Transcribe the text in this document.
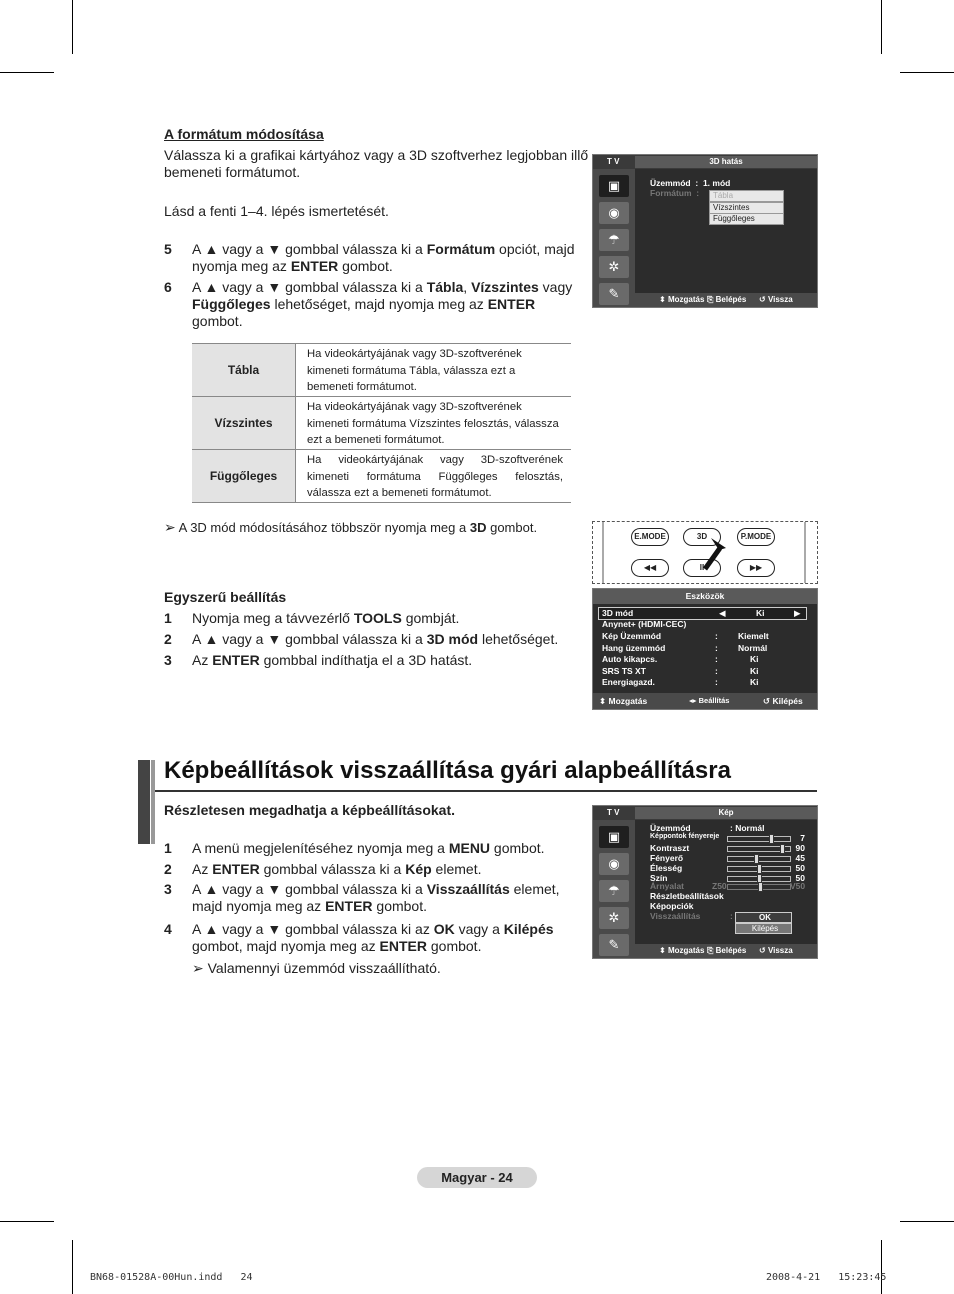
A formátum módosítása
Válassza ki a grafikai kártyához vagy a 3D szoftverhez legjobban illő bemeneti formátumot.
Lásd a fenti 1–4. lépés ismertetését.
5 A ▲ vagy a ▼ gombbal válassza ki a Formátum opciót, majd nyomja meg az ENTER gombot.
6 A ▲ vagy a ▼ gombbal válassza ki a Tábla, Vízszintes vagy Függőleges lehetőséget, majd nyomja meg az ENTER gombot.
Tábla
Ha videokártyájának vagy 3D-szoftverének kimeneti formátuma Tábla, válassza ezt a bemeneti formátumot.
Vízszintes
Ha videokártyájának vagy 3D-szoftverének kimeneti formátuma Vízszintes felosztás, válassza ezt a bemeneti formátumot.
Függőleges
Ha videokártyájának vagy 3D-szoftverének kimeneti formátuma Függőleges felosztás, válassza ezt a bemeneti formátumot.
➢ A 3D mód módosításához többször nyomja meg a 3D gombot.
T V	3D hatás
▣
◉
☂
✲
✎
Üzemmód : 1. mód
Formátum :	Tábla
Vízszintes
Függőleges
⬍ Mozgatás ⎘ Belépés ↺ Vissza
E.MODE	3D	P.MODE
◀◀	II	▶▶
Egyszerű beállítás
1 Nyomja meg a távvezérlő TOOLS gombját.
2 A ▲ vagy a ▼ gombbal válassza ki a 3D mód lehetőséget.
3 Az ENTER gombbal indíthatja el a 3D hatást.
Eszközök
3D mód	◀	Ki	▶
Anynet+ (HDMI-CEC)
Kép Üzemmód	: Kiemelt
Hang üzemmód	: Normál
Auto kikapcs.	:	Ki
SRS TS XT	:	Ki
Energiagazd.	:	Ki
⬍ Mozgatás	◂▸ Beállítás	↺ Kilépés
Képbeállítások visszaállítása gyári alapbeállításra
Részletesen megadhatja a képbeállításokat.
1 A menü megjelenítéséhez nyomja meg a MENU gombot.
2 Az ENTER gombbal válassza ki a Kép elemet.
3 A ▲ vagy a ▼ gombbal válassza ki a Visszaállítás elemet, majd nyomja meg az ENTER gombot.
4 A ▲ vagy a ▼ gombbal válassza ki az OK vagy a Kilépés gombot, majd nyomja meg az ENTER gombot.
➢ Valamennyi üzemmód visszaállítható.
T V	Kép
▣
◉
☂
✲
✎
Üzemmód	: Normál
Képpontok fényereje	7
Kontraszt	90
Fényerő	45
Élesség	50
Szín	50
Árnyalat	Z50	V50
Részletbeállítások
Képopciók
Visszaállítás	:	OK
Kilépés
⬍ Mozgatás ⎘ Belépés ↺ Vissza
Magyar - 24
BN68-01528A-00Hun.indd   24	2008-4-21   15:23:45
